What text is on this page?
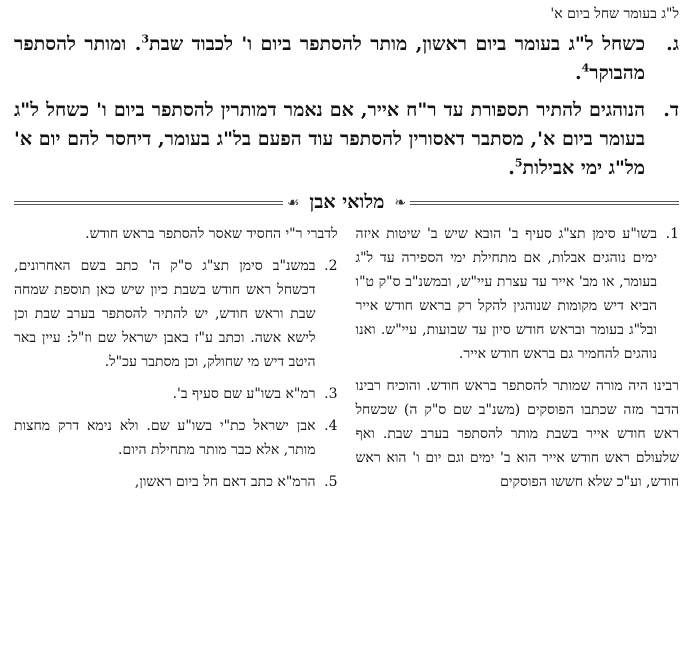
ל"ג בעומר שחל ביום א'
ג.
כשחל ל"ג בעומר ביום ראשון, מותר להסתפר ביום ו' לכבוד שבת$^3$. ומותר להסתפר מהבוקר$^4$.
ד.
הנוהגים להתיר תספורת עד ר"ח אייר, אם נאמר דמותרין להסתפר ביום ו' כשחל ל"ג בעומר ביום א', מסתבר דאסורין להסתפר עוד הפעם בל"ג בעומר, דיחסר להם יום א' מל"ג ימי אבילות$^5$.
❧
מלואי אבן
☙
1.
בשו"ע סימן תצ"ג סעיף ב' הובא שיש ב' שיטות איזה ימים נוהגים אבלות, אם מתחילת ימי הספירה עד ל"ג בעומר, או מב' אייר עד עצרת עיי"ש, ובמשנ"ב ס"ק ט"ו הביא דיש מקומות שנוהגין להקל רק בראש חודש אייר ובל"ג בעומר ובראש חודש סיון עד שבועות, עיי"ש. ואנו נוהגים להחמיר גם בראש חודש אייר.
רבינו היה מורה שמותר להסתפר בראש חודש. והוכיח רבינו הדבר מזה שכתבו הפוסקים (משנ"ב שם ס"ק ה) שכשחל ראש חודש אייר בשבת מותר להסתפר בערב שבת. ואף שלעולם ראש חודש אייר הוא ב' ימים וגם יום ו' הוא ראש חודש, וע"כ שלא חששו הפוסקים
לדברי ר"י החסיד שאסר להסתפר בראש חודש.
2.
במשנ"ב סימן תצ"ג ס"ק ה' כתב בשם האחרונים, דכשחל ראש חודש בשבת כיון שיש כאן תוספת שמחה שבת וראש חודש, יש להתיר להסתפר בערב שבת וכן לישא אשה. וכתב ע"ז באבן ישראל שם וז"ל: עיין באר היטב דיש מי שחולק, וכן מסתבר עכ"ל.
3.
רמ"א בשו"ע שם סעיף ב'.
4.
אבן ישראל כת"י בשו"ע שם. ולא נימא דרק מחצות מותר, אלא כבר מותר מתחילת היום.
5.
הרמ"א כתב דאם חל ביום ראשון,
